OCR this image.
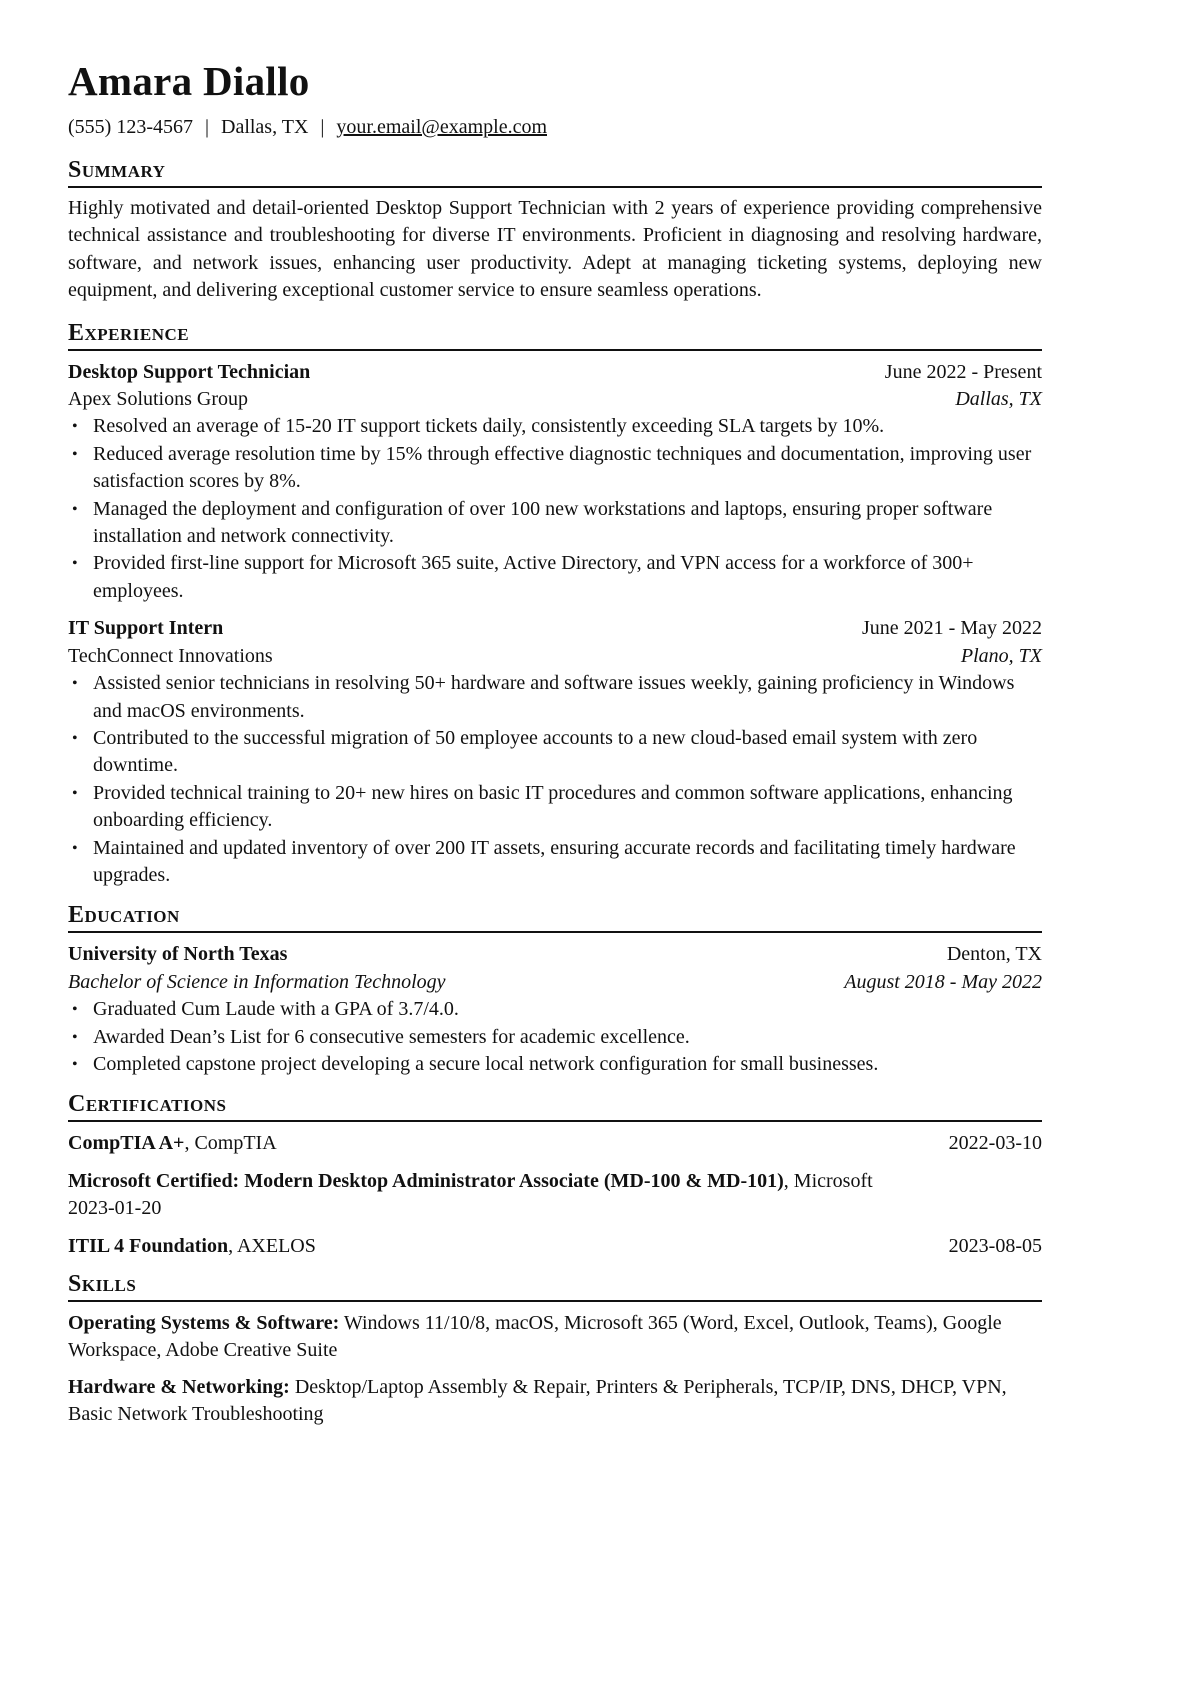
Amara Diallo
(555) 123-4567 | Dallas, TX | your.email@example.com
Summary
Highly motivated and detail-oriented Desktop Support Technician with 2 years of experience providing comprehensive technical assistance and troubleshooting for diverse IT environments. Proficient in diagnosing and resolving hardware, software, and network issues, enhancing user productivity. Adept at managing ticketing systems, deploying new equipment, and delivering exceptional customer service to ensure seamless operations.
Experience
Desktop Support Technician	June 2022 - Present
Apex Solutions Group	Dallas, TX
• Resolved an average of 15-20 IT support tickets daily, consistently exceeding SLA targets by 10%.
• Reduced average resolution time by 15% through effective diagnostic techniques and documentation, improving user satisfaction scores by 8%.
• Managed the deployment and configuration of over 100 new workstations and laptops, ensuring proper software installation and network connectivity.
• Provided first-line support for Microsoft 365 suite, Active Directory, and VPN access for a workforce of 300+ employees.
IT Support Intern	June 2021 - May 2022
TechConnect Innovations	Plano, TX
• Assisted senior technicians in resolving 50+ hardware and software issues weekly, gaining proficiency in Windows and macOS environments.
• Contributed to the successful migration of 50 employee accounts to a new cloud-based email system with zero downtime.
• Provided technical training to 20+ new hires on basic IT procedures and common software applications, enhancing onboarding efficiency.
• Maintained and updated inventory of over 200 IT assets, ensuring accurate records and facilitating timely hardware upgrades.
Education
University of North Texas	Denton, TX
Bachelor of Science in Information Technology	August 2018 - May 2022
• Graduated Cum Laude with a GPA of 3.7/4.0.
• Awarded Dean’s List for 6 consecutive semesters for academic excellence.
• Completed capstone project developing a secure local network configuration for small businesses.
Certifications
CompTIA A+, CompTIA	2022-03-10
Microsoft Certified: Modern Desktop Administrator Associate (MD-100 & MD-101), Microsoft
2023-01-20
ITIL 4 Foundation, AXELOS	2023-08-05
Skills
Operating Systems & Software: Windows 11/10/8, macOS, Microsoft 365 (Word, Excel, Outlook, Teams), Google Workspace, Adobe Creative Suite
Hardware & Networking: Desktop/Laptop Assembly & Repair, Printers & Peripherals, TCP/IP, DNS, DHCP, VPN, Basic Network Troubleshooting
